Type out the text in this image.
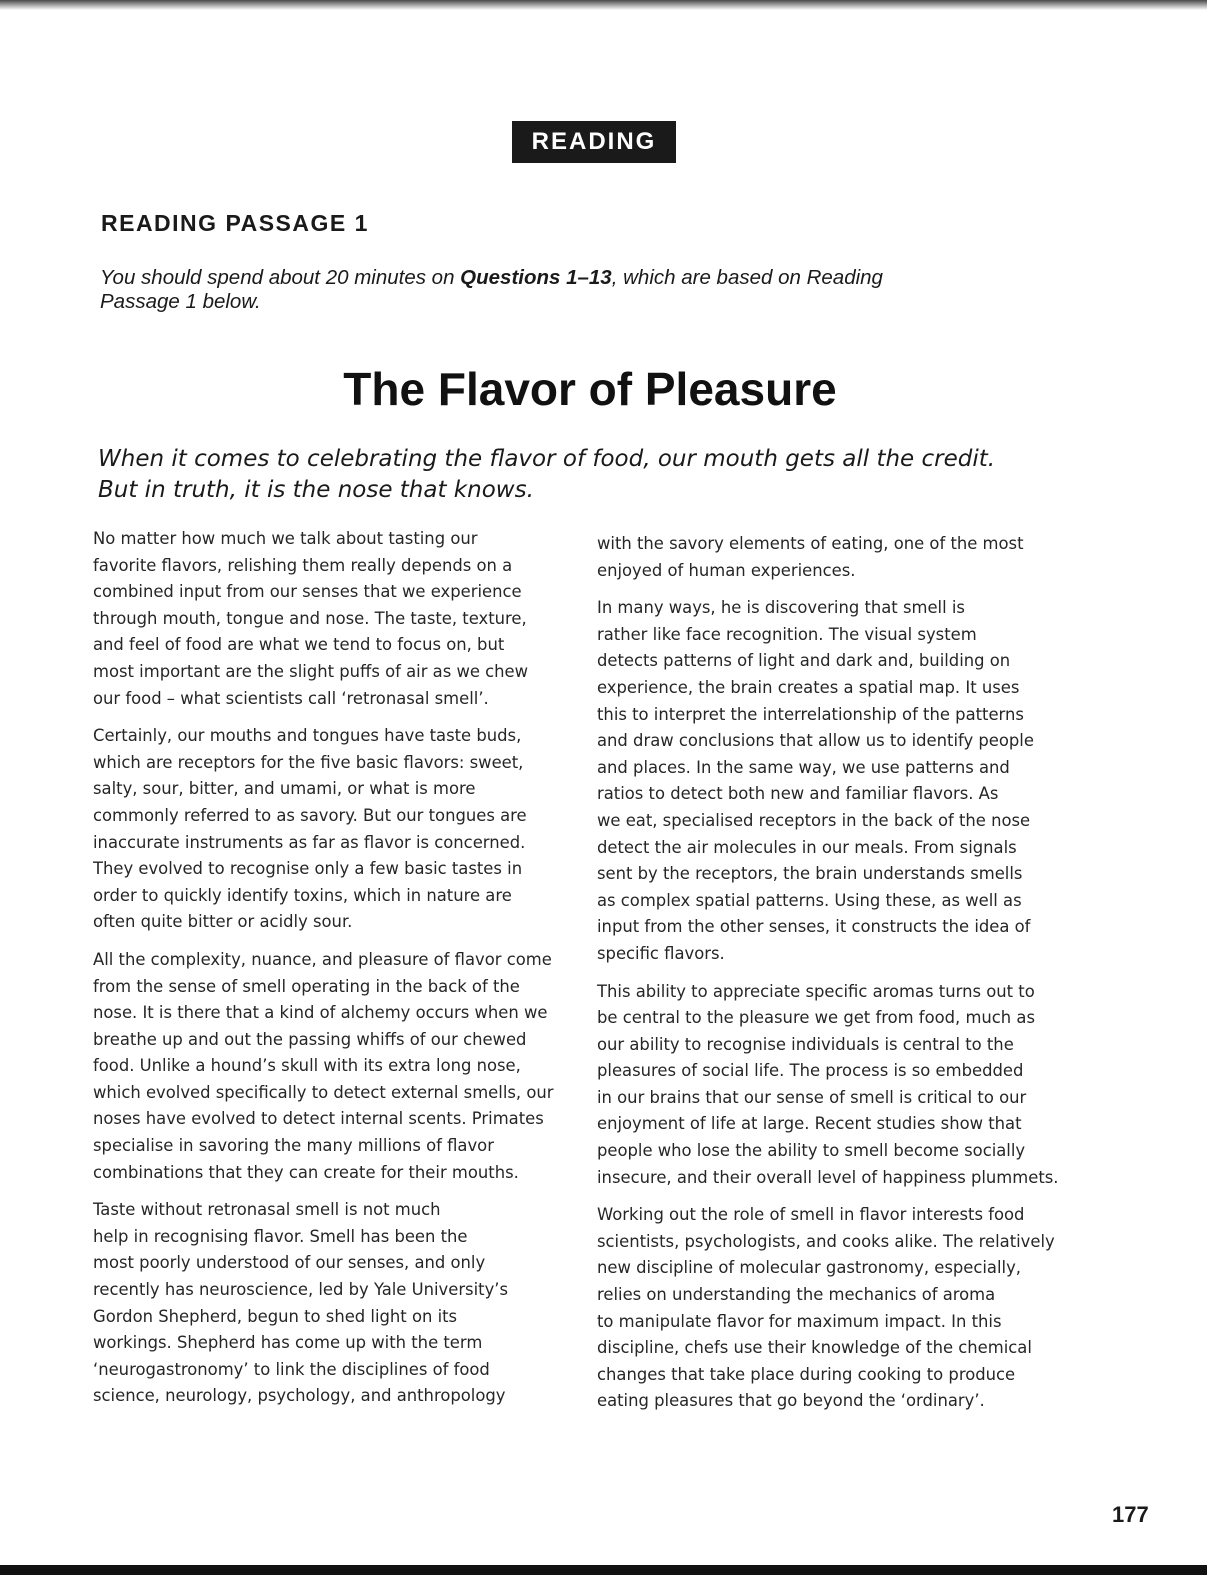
READING
READING PASSAGE 1
You should spend about 20 minutes on Questions 1–13, which are based on Reading
Passage 1 below.
The Flavor of Pleasure
When it comes to celebrating the flavor of food, our mouth gets all the credit.
But in truth, it is the nose that knows.
No matter how much we talk about tasting our
favorite flavors, relishing them really depends on a
combined input from our senses that we experience
through mouth, tongue and nose. The taste, texture,
and feel of food are what we tend to focus on, but
most important are the slight puffs of air as we chew
our food – what scientists call ‘retronasal smell’.
Certainly, our mouths and tongues have taste buds,
which are receptors for the five basic flavors: sweet,
salty, sour, bitter, and umami, or what is more
commonly referred to as savory. But our tongues are
inaccurate instruments as far as flavor is concerned.
They evolved to recognise only a few basic tastes in
order to quickly identify toxins, which in nature are
often quite bitter or acidly sour.
All the complexity, nuance, and pleasure of flavor come
from the sense of smell operating in the back of the
nose. It is there that a kind of alchemy occurs when we
breathe up and out the passing whiffs of our chewed
food. Unlike a hound’s skull with its extra long nose,
which evolved specifically to detect external smells, our
noses have evolved to detect internal scents. Primates
specialise in savoring the many millions of flavor
combinations that they can create for their mouths.
Taste without retronasal smell is not much
help in recognising flavor. Smell has been the
most poorly understood of our senses, and only
recently has neuroscience, led by Yale University’s
Gordon Shepherd, begun to shed light on its
workings. Shepherd has come up with the term
‘neurogastronomy’ to link the disciplines of food
science, neurology, psychology, and anthropology
with the savory elements of eating, one of the most
enjoyed of human experiences.
In many ways, he is discovering that smell is
rather like face recognition. The visual system
detects patterns of light and dark and, building on
experience, the brain creates a spatial map. It uses
this to interpret the interrelationship of the patterns
and draw conclusions that allow us to identify people
and places. In the same way, we use patterns and
ratios to detect both new and familiar flavors. As
we eat, specialised receptors in the back of the nose
detect the air molecules in our meals. From signals
sent by the receptors, the brain understands smells
as complex spatial patterns. Using these, as well as
input from the other senses, it constructs the idea of
specific flavors.
This ability to appreciate specific aromas turns out to
be central to the pleasure we get from food, much as
our ability to recognise individuals is central to the
pleasures of social life. The process is so embedded
in our brains that our sense of smell is critical to our
enjoyment of life at large. Recent studies show that
people who lose the ability to smell become socially
insecure, and their overall level of happiness plummets.
Working out the role of smell in flavor interests food
scientists, psychologists, and cooks alike. The relatively
new discipline of molecular gastronomy, especially,
relies on understanding the mechanics of aroma
to manipulate flavor for maximum impact. In this
discipline, chefs use their knowledge of the chemical
changes that take place during cooking to produce
eating pleasures that go beyond the ‘ordinary’.
177
